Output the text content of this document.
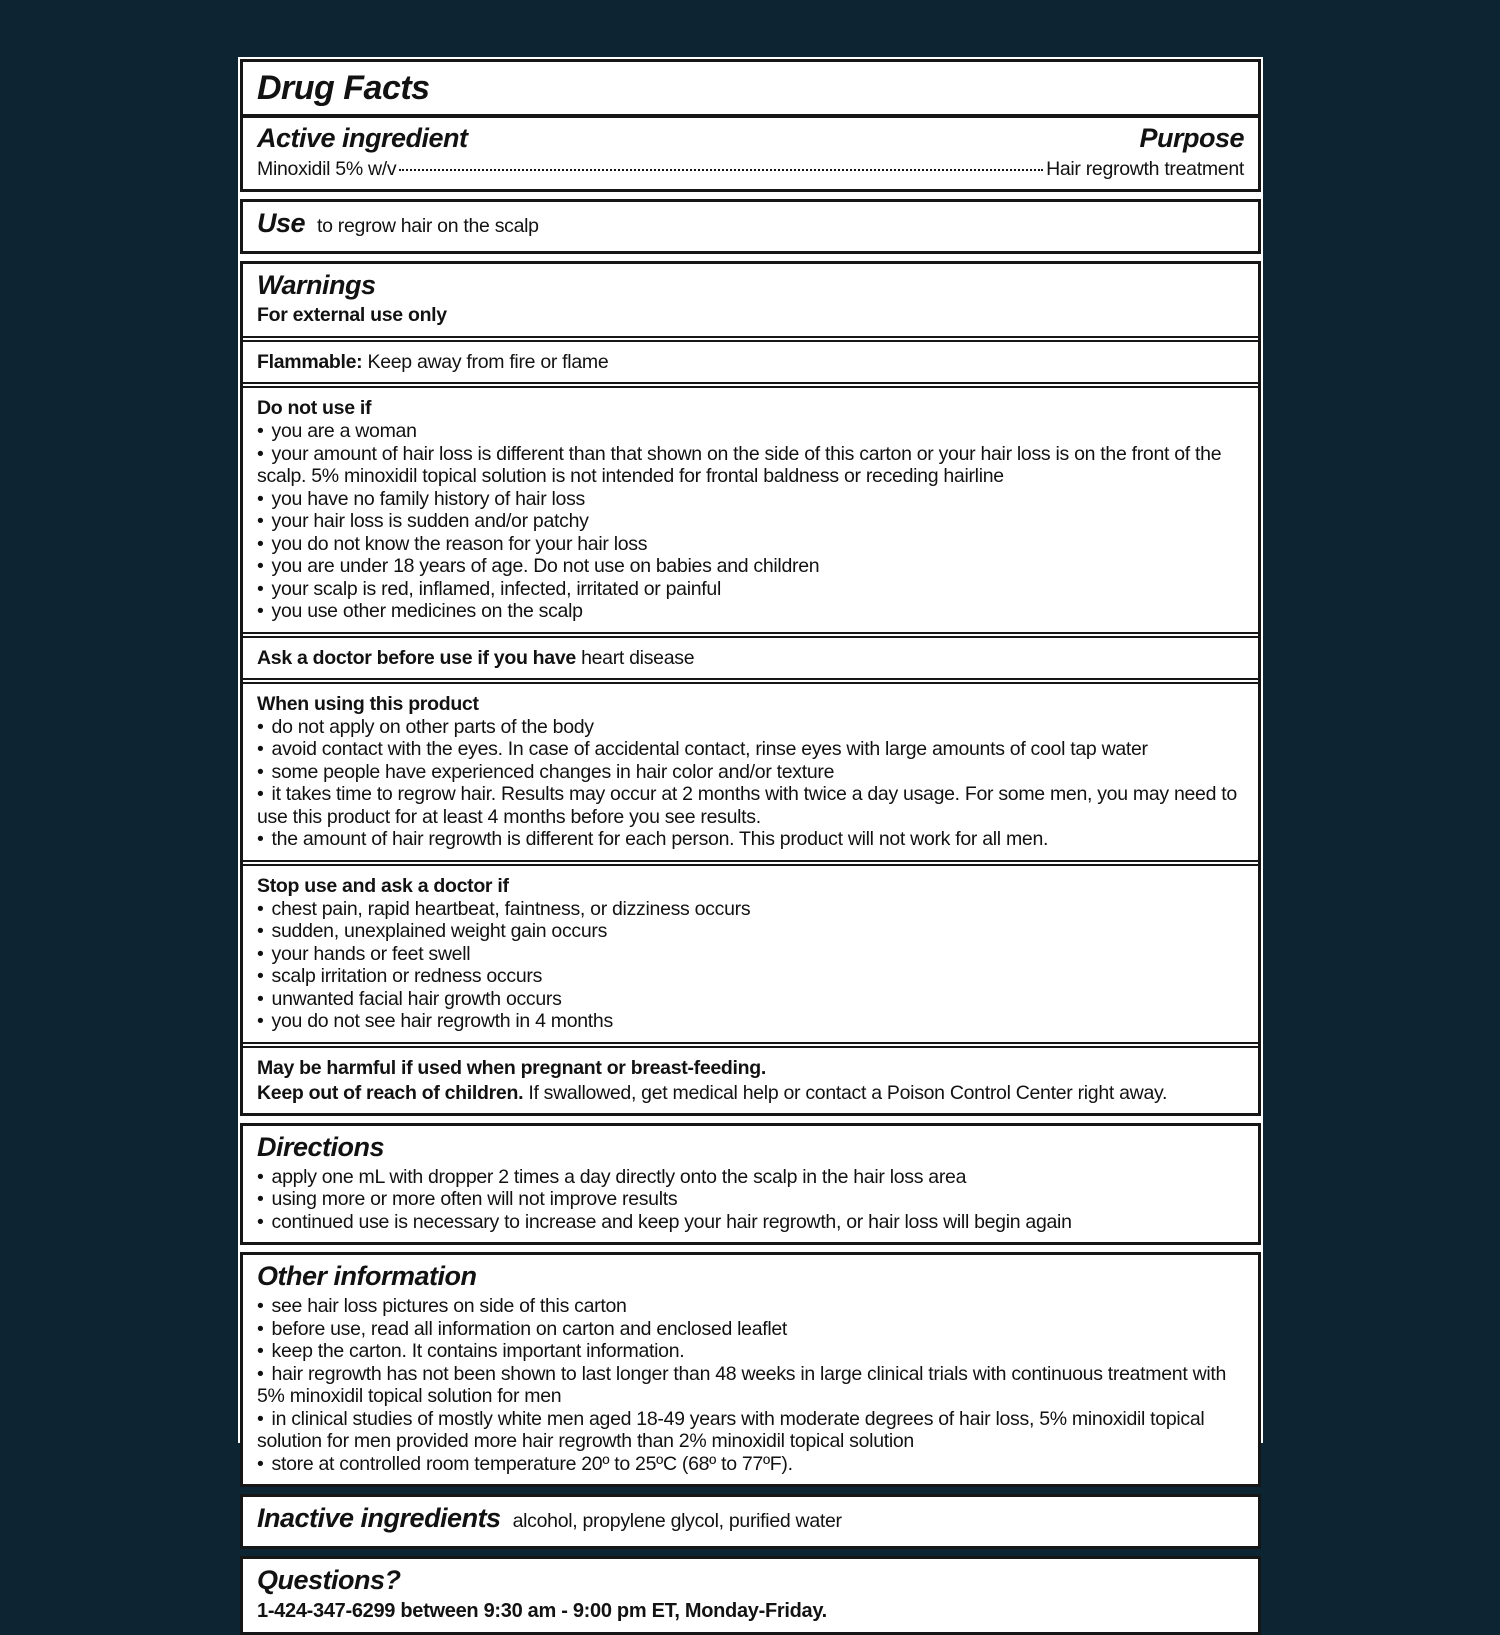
Drug Facts
Active ingredient	Purpose
Minoxidil 5% w/v	Hair regrowth treatment
Use to regrow hair on the scalp
Warnings
For external use only
Flammable: Keep away from fire or flame
Do not use if
• you are a woman
• your amount of hair loss is different than that shown on the side of this carton or your hair loss is on the front of the scalp. 5% minoxidil topical solution is not intended for frontal baldness or receding hairline
• you have no family history of hair loss
• your hair loss is sudden and/or patchy
• you do not know the reason for your hair loss
• you are under 18 years of age. Do not use on babies and children
• your scalp is red, inflamed, infected, irritated or painful
• you use other medicines on the scalp
Ask a doctor before use if you have heart disease
When using this product
• do not apply on other parts of the body
• avoid contact with the eyes. In case of accidental contact, rinse eyes with large amounts of cool tap water
• some people have experienced changes in hair color and/or texture
• it takes time to regrow hair. Results may occur at 2 months with twice a day usage. For some men, you may need to use this product for at least 4 months before you see results.
• the amount of hair regrowth is different for each person. This product will not work for all men.
Stop use and ask a doctor if
• chest pain, rapid heartbeat, faintness, or dizziness occurs
• sudden, unexplained weight gain occurs
• your hands or feet swell
• scalp irritation or redness occurs
• unwanted facial hair growth occurs
• you do not see hair regrowth in 4 months
May be harmful if used when pregnant or breast-feeding.
Keep out of reach of children. If swallowed, get medical help or contact a Poison Control Center right away.
Directions
• apply one mL with dropper 2 times a day directly onto the scalp in the hair loss area
• using more or more often will not improve results
• continued use is necessary to increase and keep your hair regrowth, or hair loss will begin again
Other information
• see hair loss pictures on side of this carton
• before use, read all information on carton and enclosed leaflet
• keep the carton. It contains important information.
• hair regrowth has not been shown to last longer than 48 weeks in large clinical trials with continuous treatment with 5% minoxidil topical solution for men
• in clinical studies of mostly white men aged 18-49 years with moderate degrees of hair loss, 5% minoxidil topical solution for men provided more hair regrowth than 2% minoxidil topical solution
• store at controlled room temperature 20º to 25ºC (68º to 77ºF).
Inactive ingredients alcohol, propylene glycol, purified water
Questions?
1-424-347-6299 between 9:30 am - 9:00 pm ET, Monday-Friday.
